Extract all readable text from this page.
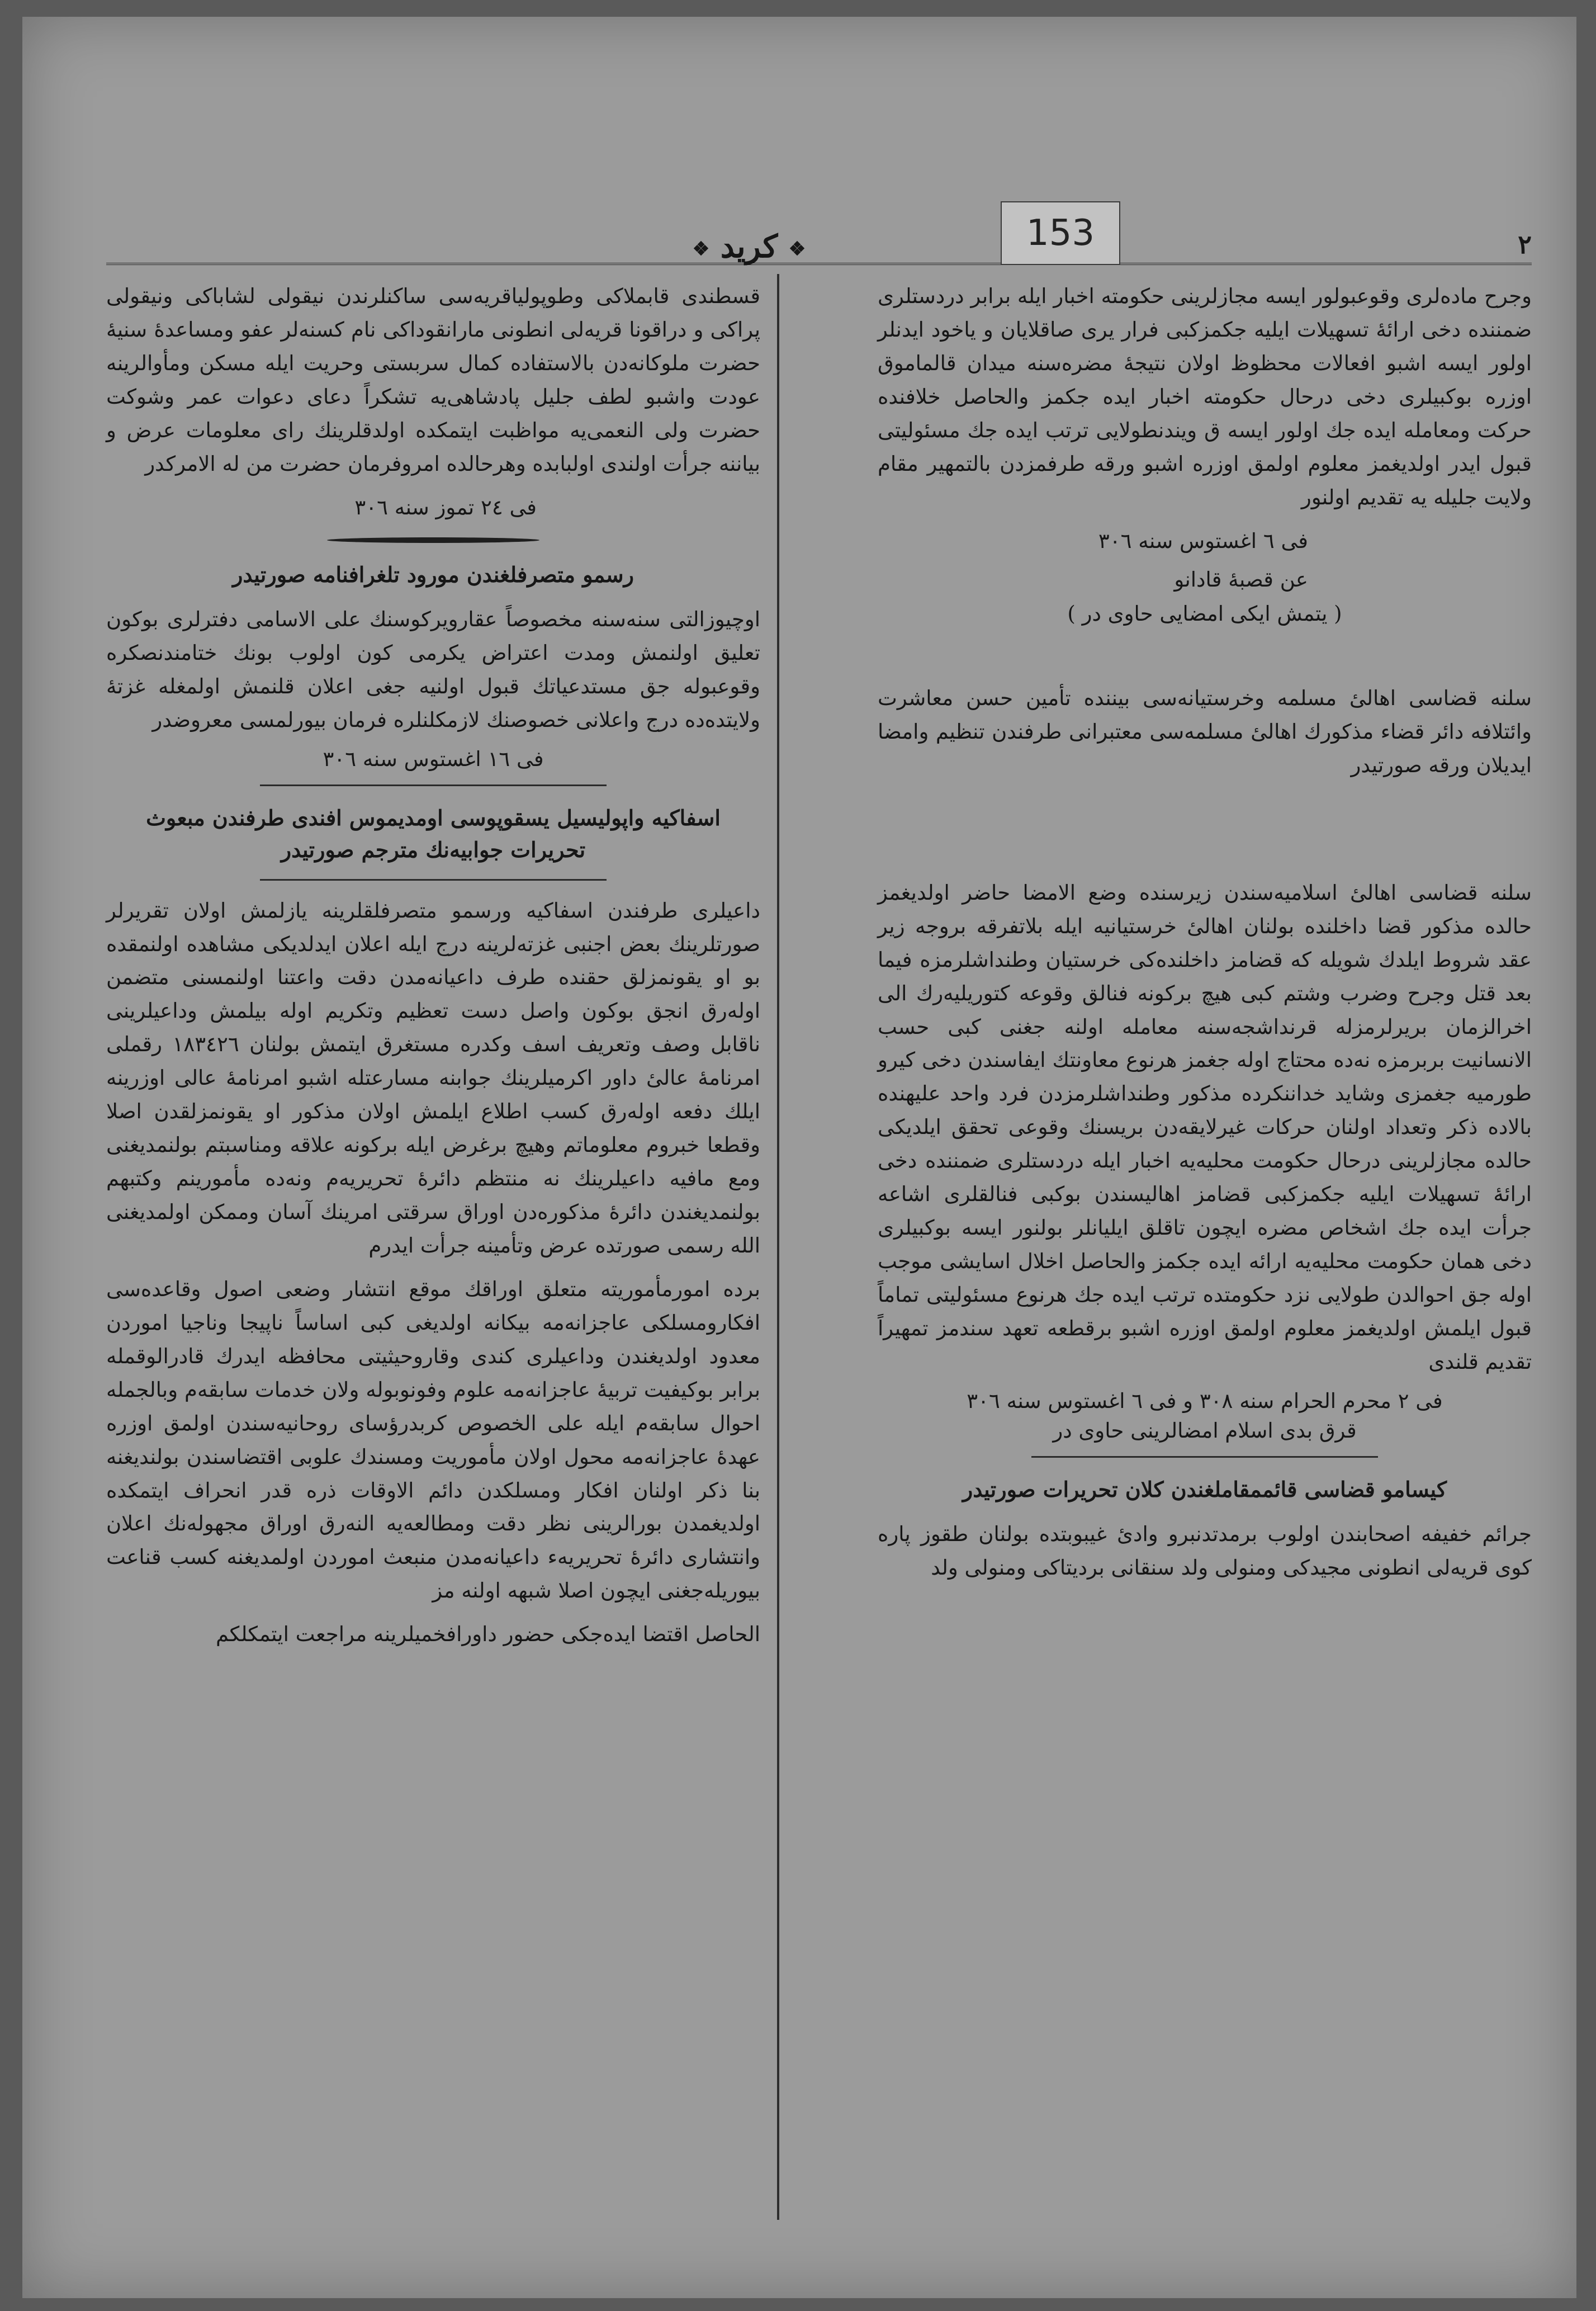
٢
❖ كريد ❖	153

وجرح مادەلری وقوعبولور ایسه مجازلرینی حکومته اخبار ایله برابر دردستلری ضمننده دخی ارائهٔ تسهیلات ایلیه جکمزکبی فرار یری صاقلایان و یاخود ایدنلر اولور ایسه اشبو افعالات محظوظ اولان نتیجهٔ مضرەسنه میدان قالماموق اوزره بوکبیلری دخی درحال حکومته اخبار ایده جکمز والحاصل خلافنده حرکت ومعامله ایده جك اولور ایسه ق ویندنطولایی ترتب ایده جك مسئولیتی قبول ایدر اولدیغمز معلوم اولمق اوزره اشبو ورقه طرفمزدن بالتمهیر مقام ولایت جلیله یه تقدیم اولنور

فی ٦ اغستوس سنه ٣٠٦

عن قصبهٔ قادانو

( یتمش ایکی امضایی حاوی در )

سلنه قضاسی اهالیٔ مسلمه وخرستیانه‌سی بیننده تأمین حسن معاشرت وائتلافه دائر قضاء مذکورك اهالیٔ مسلمه‌سی معتبرانی طرفندن تنظیم وامضا ایدیلان ورقه صورتیدر

سلنه قضاسی اهالیٔ اسلامیه‌سندن زیرسنده وضع الامضا حاضر اولدیغمز حالده مذکور قضا داخلنده بولنان اهالیٔ خرستیانیه ایله بلاتفرقه بروجه زیر عقد شروط ایلدك شویله که قضامز داخلنده‌کی خرستیان وطنداشلرمزه فیما بعد قتل وجرح وضرب وشتم کبی هیچ برکونه فنالق وقوعه کتوریلیه‌رك الی اخرالزمان بریرلرمزله قرنداشجه‌سنه معامله اولنه جغنی کبی حسب الانسانیت بربرمزه نه‌ده محتاج اوله جغمز هرنوع معاونتك ایفاسندن دخی کیرو طورمیه جغمزی وشاید خداننکرده مذکور وطنداشلرمزدن فرد واحد علیهنده بالاده ذکر وتعداد اولنان حرکات غیرلایقه‌دن بریسنك وقوعی تحقق ایلدیکی حالده مجازلرینی درحال حکومت محلیه‌یه اخبار ایله دردستلری ضمننده دخی ارائهٔ تسهیلات ایلیه جکمزکبی قضامز اهالیسندن بوکبی فنالقلری اشاعه جرأت ایده جك اشخاص مضرە ایچون تاقلق ایلیانلر بولنور ایسه بوکبیلری دخی همان حکومت محلیه‌یه ارائه ایده جکمز والحاصل اخلال اسایشی موجب اوله جق احوالدن طولایی نزد حکومتده ترتب ایده جك هرنوع مسئولیتی تماماً قبول ایلمش اولدیغمز معلوم اولمق اوزره اشبو برقطعه تعهد سندمز تمهیراً تقدیم قلندی

فی ٢ محرم الحرام سنه ٣٠٨ و فی ٦ اغستوس سنه ٣٠٦

قرق بدی اسلام امضالرینی حاوی در

کیسامو قضاسی قائممقاملغندن کلان تحریرات صورتیدر

جرائم خفیفه اصحابندن اولوب برمدتدنبرو وادیٔ غیبوبتده بولنان طقوز پاره کوی قریه‌لی انطونی مجیدکی ومنولی ولد سنقانی بردیتاکی ومنولی ولد

قسطندی قابملاکی وطوپولیاقریه‌سی ساکنلرندن نیقولی لشاباکی ونیقولی پراکی و دراقونا قریه‌لی انطونی مارانقوداکی نام کسنه‌لر عفو ومساعدهٔ سنیهٔ حضرت ملوکانه‌دن بالاستفاده کمال سربستی وحریت ایله مسکن ومأوالرینه عودت واشبو لطف جلیل پادشاهی‌یه تشکراً دعای دعوات عمر وشوکت حضرت ولی النعمی‌یه مواظبت ایتمکده اولدقلرینك رای معلومات عرض و بیاننه جرأت اولندی اولبابده وهرحالده امروفرمان حضرت من له الامرکدر

فی ٢٤ تموز سنه ٣٠٦

رسمو متصرفلغندن مورود تلغرافنامه صورتیدر

اوچیوزالتی سنه‌سنه مخصوصاً عقارویرکوسنك علی الاسامی دفترلری بوکون تعلیق اولنمش ومدت اعتراض یکرمی کون اولوب بونك ختامندنصکره وقوعبوله جق مستدعیاتك قبول اولنیه جغی اعلان قلنمش اولمغله غزتهٔ ولایتده‌ده درج واعلانی خصوصنك لازمکلنلره فرمان بیورلمسی معروضدر

فی ١٦ اغستوس سنه ٣٠٦

اسفاکیه واپولیسیل یسقوپوسی اومدیموس افندی طرفندن مبعوث تحریرات جوابیه‌نك مترجم صورتیدر

داعیلری طرفندن اسفاکیه ورسمو متصرفلقلرینه یازلمش اولان تقریرلر صورتلرینك بعض اجنبی غزته‌لرینه درج ایله اعلان ایدلدیکی مشاهده اولنمقده بو او یقونمزلق حقنده طرف داعیانه‌مدن دقت واعتنا اولنمسنی متضمن اولەرق انجق بوکون واصل دست تعظیم وتکریم اوله بیلمش وداعیلرینی ناقابل وصف وتعریف اسف وکدره مستغرق ایتمش بولنان ١٨٣٤٢٦ رقملی امرنامهٔ عالیٔ داور اکرمیلرینك جوابنه مسارعتله اشبو امرنامهٔ عالی اوزرینه ایلك دفعه اولەرق کسب اطلاع ایلمش اولان مذکور او یقونمزلقدن اصلا وقطعا خبروم معلوماتم وهیچ برغرض ایله برکونه علاقه ومناسبتم بولنمدیغنی ومع مافیه داعیلرینك نه منتظم دائرهٔ تحریریەم ونەده مأمورینم وکتبهم بولنمدیغندن دائرهٔ مذکوره‌دن اوراق سرقتی امرینك آسان وممکن اولمدیغنی الله رسمی صورتده عرض وتأمینه جرأت ایدرم

برده امورمأموریته متعلق اوراقك موقع انتشار وضعی اصول وقاعده‌سی افکارومسلکی عاجزانه‌مه بیکانه اولدیغی کبی اساساً ناپیجا وناجیا اموردن معدود اولدیغندن وداعیلری کندی وقاروحیثیتی محافظه ایدرك قادرالوقمله برابر بوکیفیت تربیهٔ عاجزانه‌مه علوم وفونوبوله ولان خدمات سابقه‌م وبالجمله احوال سابقه‌م ایله علی الخصوص کربدرؤسای روحانیه‌سندن اولمق اوزره عهدهٔ عاجزانه‌مه محول اولان مأموریت ومسندك علوبی اقتضاسندن بولندیغنه بنا ذکر اولنان افکار ومسلکدن دائم الاوقات ذره قدر انحراف ایتمکده اولدیغمدن بورالرینی نظر دقت ومطالعه‌یه النەرق اوراق مجهوله‌نك اعلان وانتشاری دائرهٔ تحریریه‌ء داعیانه‌مدن منبعث اموردن اولمدیغنه کسب قناعت بیوریله‌جغنی ایچون اصلا شبهه اولنه مز

الحاصل اقتضا ایده‌جکی حضور داورافخمیلرینه مراجعت ایتمکلکم
